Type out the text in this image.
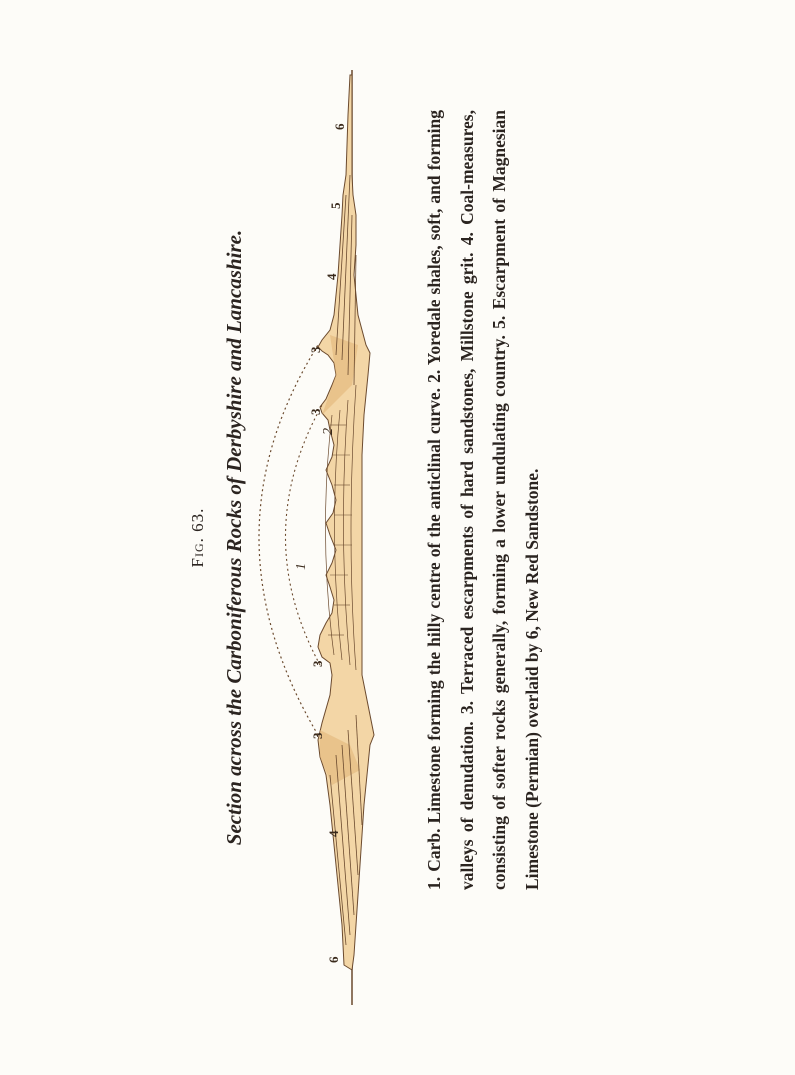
Fig. 63. Section across the Carboniferous Rocks of Derbyshire and Lancashire.
6
4
3
3
1
2
3
3
4
5
6	1. Carb. Limestone forming the hilly centre of the anticlinal curve. 2. Yoredale shales, soft, and forming valleys of denudation. 3. Terraced escarpments of hard sandstones, Millstone grit. 4. Coal-measures, consisting of softer rocks generally, forming a lower undulating country. 5. Escarpment of Magnesian Limestone (Permian) overlaid by 6, New Red Sandstone.
